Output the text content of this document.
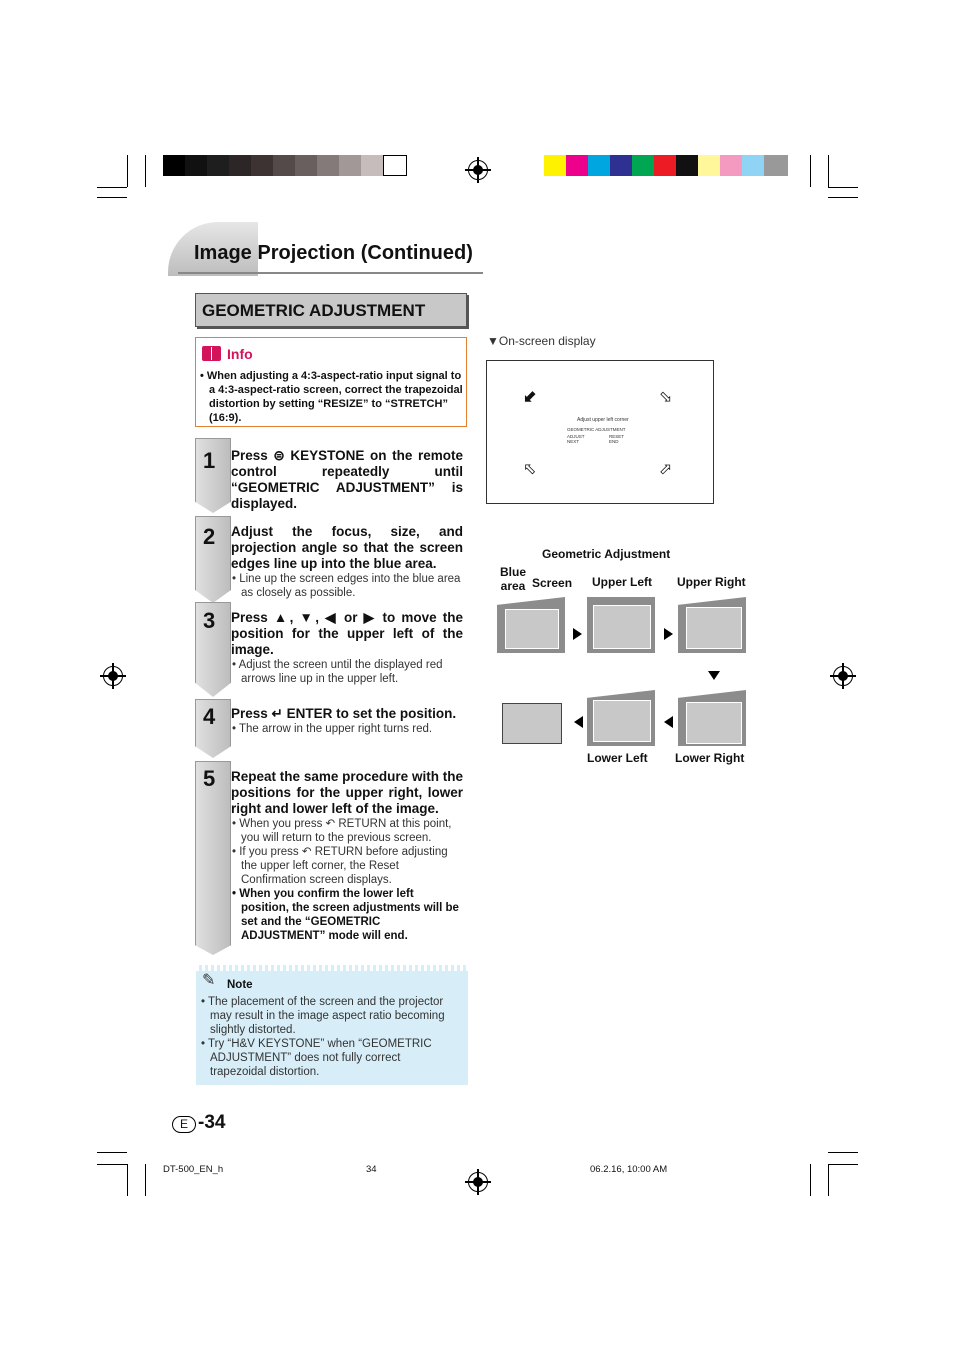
Image Projection (Continued)
GEOMETRIC ADJUSTMENT
Info
• When adjusting a 4:3-aspect-ratio input signal to a 4:3-aspect-ratio screen, correct the trapezoidal distortion by setting “RESIZE” to “STRETCH” (16:9).
1 Press ⊜ KEYSTONE on the remote control repeatedly until “GEOMETRIC ADJUSTMENT” is displayed.
2 Adjust the focus, size, and projection angle so that the screen edges line up into the blue area.

• Line up the screen edges into the blue area as closely as possible.

3 Press ▲, ▼, ◀ or ▶ to move the position for the upper left of the image.

• Adjust the screen until the displayed red arrows line up in the upper left.

4 Press ↵ ENTER to set the position.

• The arrow in the upper right turns red.

5 Repeat the same procedure with the positions for the upper right, lower right and lower left of the image.

• When you press ↶ RETURN at this point, you will return to the previous screen.

• If you press ↶ RETURN before adjusting the upper left corner, the Reset Confirmation screen displays.

• When you confirm the lower left position, the screen adjustments will be set and the “GEOMETRIC ADJUSTMENT” mode will end.

✎ Note

• The placement of the screen and the projector may result in the image aspect ratio becoming slightly distorted.

• Try “H&V KEYSTONE” when “GEOMETRIC ADJUSTMENT” does not fully correct trapezoidal distortion.

E -34
▼On-screen display
⬅	⇦
⇦	⇦
Adjust upper left corner
GEOMETRIC ADJUSTMENT
ADJUST
NEXT
RESET
END
Geometric Adjustment
Blue area Screen Upper Left Upper Right
Lower Left Lower Right
DT-500_EN_h	34	06.2.16, 10:00 AM
